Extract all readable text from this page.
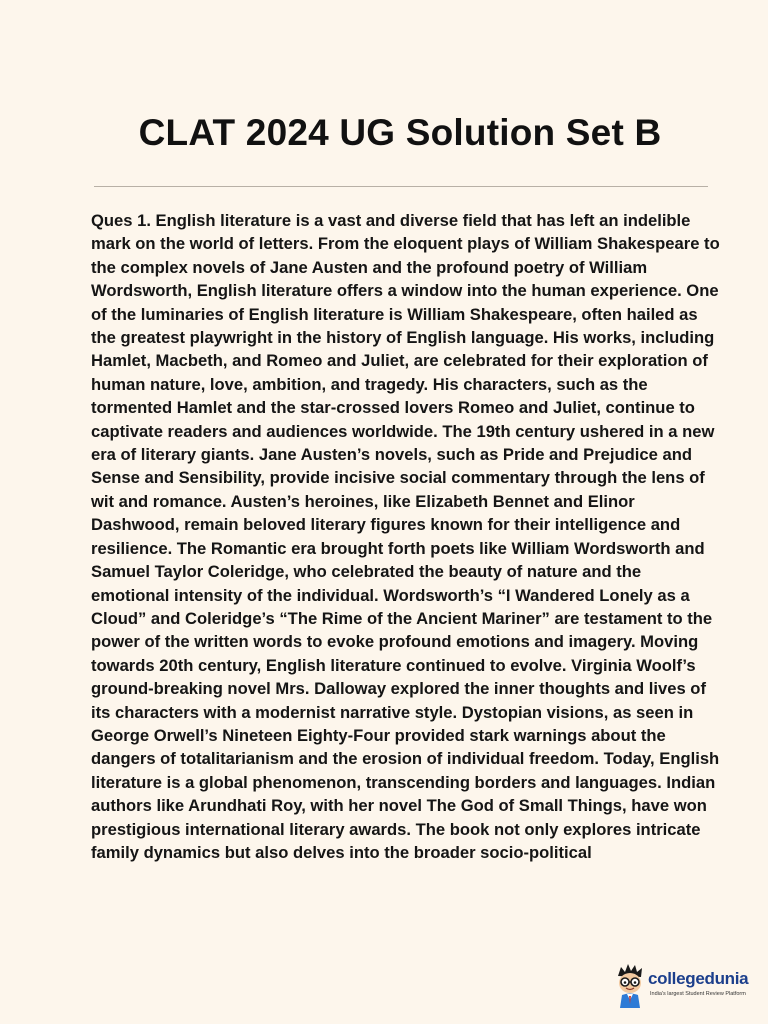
CLAT 2024 UG Solution Set B

Ques 1. English literature is a vast and diverse field that has left an indelible mark on the world of letters. From the eloquent plays of William Shakespeare to the complex novels of Jane Austen and the profound poetry of William Wordsworth, English literature offers a window into the human experience. One of the luminaries of English literature is William Shakespeare, often hailed as the greatest playwright in the history of English language. His works, including Hamlet, Macbeth, and Romeo and Juliet, are celebrated for their exploration of human nature, love, ambition, and tragedy. His characters, such as the tormented Hamlet and the star-crossed lovers Romeo and Juliet, continue to captivate readers and audiences worldwide. The 19th century ushered in a new era of literary giants. Jane Austen’s novels, such as Pride and Prejudice and Sense and Sensibility, provide incisive social commentary through the lens of wit and romance. Austen’s heroines, like Elizabeth Bennet and Elinor Dashwood, remain beloved literary figures known for their intelligence and resilience. The Romantic era brought forth poets like William Wordsworth and Samuel Taylor Coleridge, who celebrated the beauty of nature and the emotional intensity of the individual. Wordsworth’s “I Wandered Lonely as a Cloud” and Coleridge’s “The Rime of the Ancient Mariner” are testament to the power of the written words to evoke profound emotions and imagery. Moving towards 20th century, English literature continued to evolve. Virginia Woolf’s ground-breaking novel Mrs. Dalloway explored the inner thoughts and lives of its characters with a modernist narrative style. Dystopian visions, as seen in George Orwell’s Nineteen Eighty-Four provided stark warnings about the dangers of totalitarianism and the erosion of individual freedom. Today, English literature is a global phenomenon, transcending borders and languages. Indian authors like Arundhati Roy, with her novel The God of Small Things, have won prestigious international literary awards. The book not only explores intricate family dynamics but also delves into the broader socio-political

collegedunia
India's largest Student Review Platform
